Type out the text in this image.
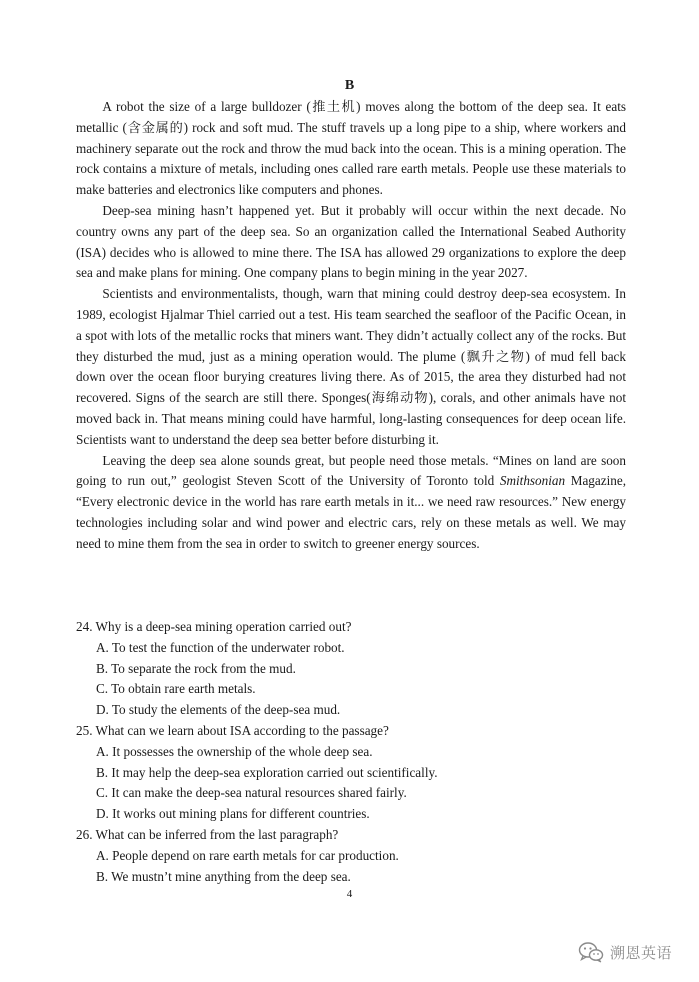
B

A robot the size of a large bulldozer (推土机) moves along the bottom of the deep sea. It eats metallic (含金属的) rock and soft mud. The stuff travels up a long pipe to a ship, where workers and machinery separate out the rock and throw the mud back into the ocean. This is a mining operation. The rock contains a mixture of metals, including ones called rare earth metals. People use these materials to make batteries and electronics like computers and phones.

Deep-sea mining hasn’t happened yet. But it probably will occur within the next decade. No country owns any part of the deep sea. So an organization called the International Seabed Authority (ISA) decides who is allowed to mine there. The ISA has allowed 29 organizations to explore the deep sea and make plans for mining. One company plans to begin mining in the year 2027.

Scientists and environmentalists, though, warn that mining could destroy deep-sea ecosystem. In 1989, ecologist Hjalmar Thiel carried out a test. His team searched the seafloor of the Pacific Ocean, in a spot with lots of the metallic rocks that miners want. They didn’t actually collect any of the rocks. But they disturbed the mud, just as a mining operation would. The plume (飘升之物) of mud fell back down over the ocean floor burying creatures living there. As of 2015, the area they disturbed had not recovered. Signs of the search are still there. Sponges(海绵动物), corals, and other animals have not moved back in. That means mining could have harmful, long-lasting consequences for deep ocean life. Scientists want to understand the deep sea better before disturbing it.

Leaving the deep sea alone sounds great, but people need those metals. “Mines on land are soon going to run out,” geologist Steven Scott of the University of Toronto told Smithsonian Magazine, “Every electronic device in the world has rare earth metals in it... we need raw resources.” New energy technologies including solar and wind power and electric cars, rely on these metals as well. We may need to mine them from the sea in order to switch to greener energy sources.

24. Why is a deep-sea mining operation carried out?

A. To test the function of the underwater robot.

B. To separate the rock from the mud.

C. To obtain rare earth metals.

D. To study the elements of the deep-sea mud.

25. What can we learn about ISA according to the passage?

A. It possesses the ownership of the whole deep sea.

B. It may help the deep-sea exploration carried out scientifically.

C. It can make the deep-sea natural resources shared fairly.

D. It works out mining plans for different countries.

26. What can be inferred from the last paragraph?

A. People depend on rare earth metals for car production.

B. We mustn’t mine anything from the deep sea.

4
溯恩英语
